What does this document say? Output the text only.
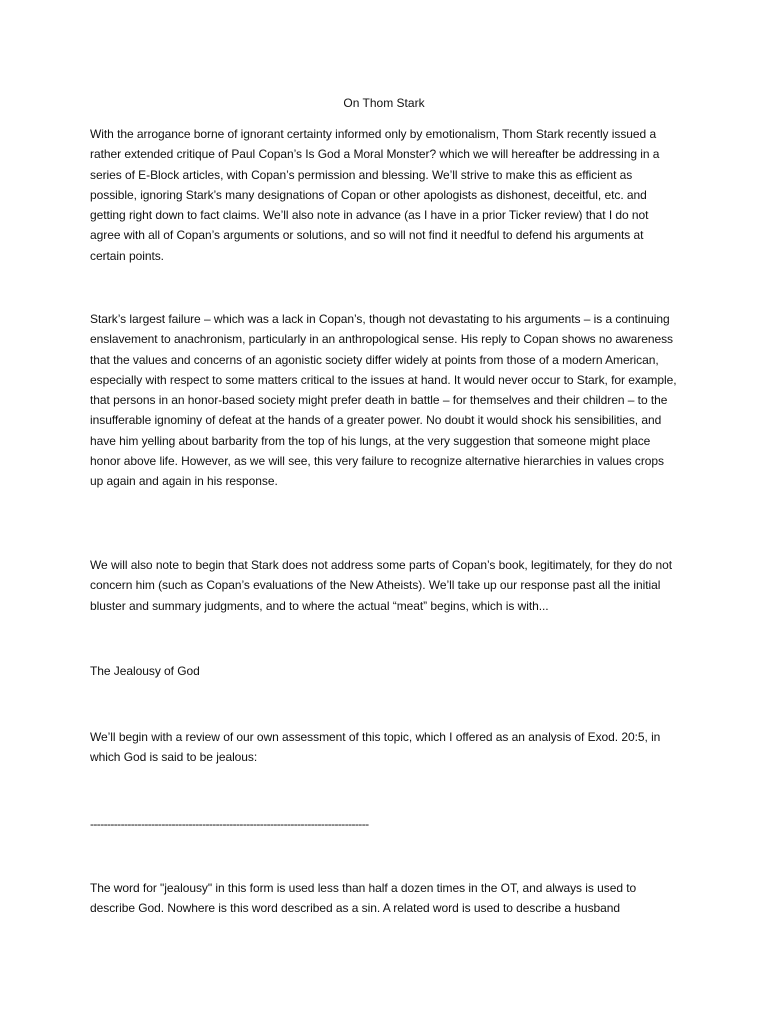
On Thom Stark

With the arrogance borne of ignorant certainty informed only by emotionalism, Thom Stark recently issued a rather extended critique of Paul Copan’s Is God a Moral Monster? which we will hereafter be addressing in a series of E-Block articles, with Copan’s permission and blessing. We’ll strive to make this as efficient as possible, ignoring Stark’s many designations of Copan or other apologists as dishonest, deceitful, etc. and getting right down to fact claims. We’ll also note in advance (as I have in a prior Ticker review) that I do not agree with all of Copan’s arguments or solutions, and so will not find it needful to defend his arguments at certain points.

Stark’s largest failure – which was a lack in Copan’s, though not devastating to his arguments – is a continuing enslavement to anachronism, particularly in an anthropological sense. His reply to Copan shows no awareness that the values and concerns of an agonistic society differ widely at points from those of a modern American, especially with respect to some matters critical to the issues at hand. It would never occur to Stark, for example, that persons in an honor-based society might prefer death in battle – for themselves and their children – to the insufferable ignominy of defeat at the hands of a greater power. No doubt it would shock his sensibilities, and have him yelling about barbarity from the top of his lungs, at the very suggestion that someone might place honor above life. However, as we will see, this very failure to recognize alternative hierarchies in values crops up again and again in his response.

We will also note to begin that Stark does not address some parts of Copan’s book, legitimately, for they do not concern him (such as Copan’s evaluations of the New Atheists). We’ll take up our response past all the initial bluster and summary judgments, and to where the actual “meat” begins, which is with...

The Jealousy of God

We’ll begin with a review of our own assessment of this topic, which I offered as an analysis of Exod. 20:5, in which God is said to be jealous:

----------------------------------------------------------------------------------

The word for "jealousy" in this form is used less than half a dozen times in the OT, and always is used to describe God. Nowhere is this word described as a sin. A related word is used to describe a husband
